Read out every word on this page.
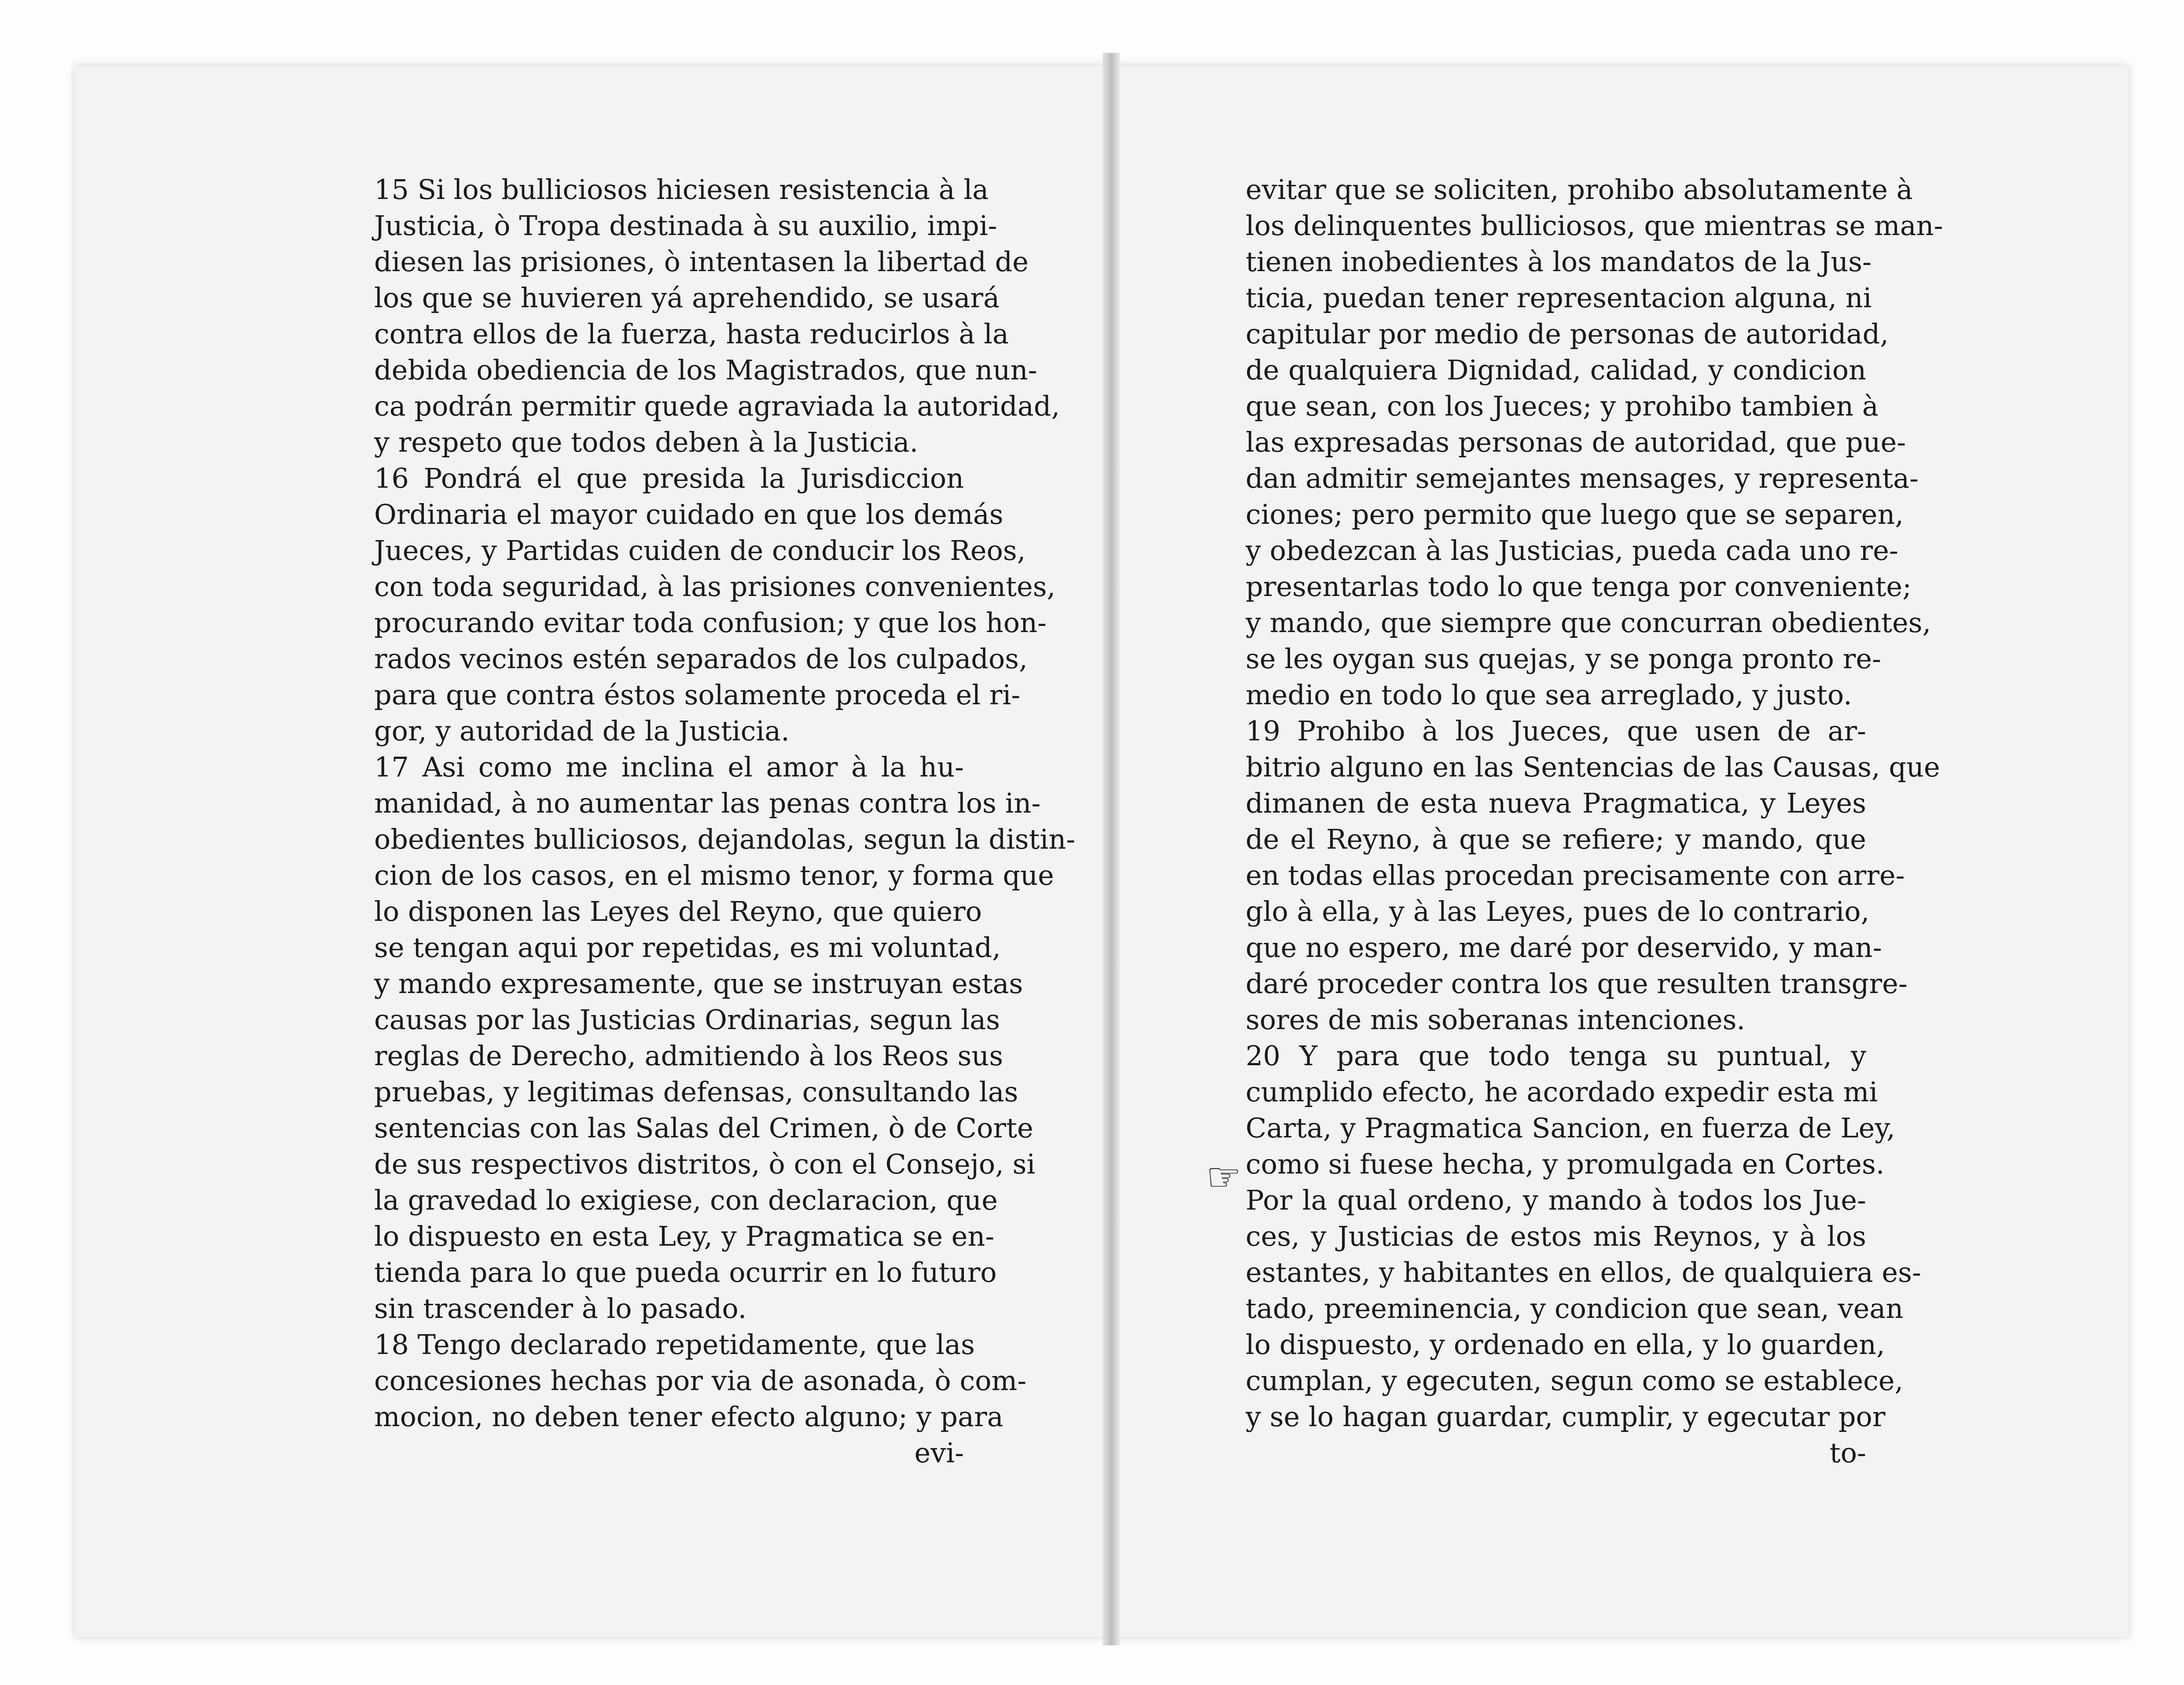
15 Si los bulliciosos hiciesen resistencia à la
Justicia, ò Tropa destinada à su auxilio, impi-
diesen las prisiones, ò intentasen la libertad de
los que se huvieren yá aprehendido, se usará
contra ellos de la fuerza, hasta reducirlos à la
debida obediencia de los Magistrados, que nun-
ca podrán permitir quede agraviada la autoridad,
y respeto que todos deben à la Justicia.
16 Pondrá el que presida la Jurisdiccion
Ordinaria el mayor cuidado en que los demás
Jueces, y Partidas cuiden de conducir los Reos,
con toda seguridad, à las prisiones convenientes,
procurando evitar toda confusion; y que los hon-
rados vecinos estén separados de los culpados,
para que contra éstos solamente proceda el ri-
gor, y autoridad de la Justicia.
17 Asi como me inclina el amor à la hu-
manidad, à no aumentar las penas contra los in-
obedientes bulliciosos, dejandolas, segun la distin-
cion de los casos, en el mismo tenor, y forma que
lo disponen las Leyes del Reyno, que quiero
se tengan aqui por repetidas, es mi voluntad,
y mando expresamente, que se instruyan estas
causas por las Justicias Ordinarias, segun las
reglas de Derecho, admitiendo à los Reos sus
pruebas, y legitimas defensas, consultando las
sentencias con las Salas del Crimen, ò de Corte
de sus respectivos distritos, ò con el Consejo, si
la gravedad lo exigiese, con declaracion, que
lo dispuesto en esta Ley, y Pragmatica se en-
tienda para lo que pueda ocurrir en lo futuro
sin trascender à lo pasado.
18 Tengo declarado repetidamente, que las
concesiones hechas por via de asonada, ò com-
mocion, no deben tener efecto alguno; y para
evi-
evitar que se soliciten, prohibo absolutamente à
los delinquentes bulliciosos, que mientras se man-
tienen inobedientes à los mandatos de la Jus-
ticia, puedan tener representacion alguna, ni
capitular por medio de personas de autoridad,
de qualquiera Dignidad, calidad, y condicion
que sean, con los Jueces; y prohibo tambien à
las expresadas personas de autoridad, que pue-
dan admitir semejantes mensages, y representa-
ciones; pero permito que luego que se separen,
y obedezcan à las Justicias, pueda cada uno re-
presentarlas todo lo que tenga por conveniente;
y mando, que siempre que concurran obedientes,
se les oygan sus quejas, y se ponga pronto re-
medio en todo lo que sea arreglado, y justo.
19 Prohibo à los Jueces, que usen de ar-
bitrio alguno en las Sentencias de las Causas, que
dimanen de esta nueva Pragmatica, y Leyes
de el Reyno, à que se refiere; y mando, que
en todas ellas procedan precisamente con arre-
glo à ella, y à las Leyes, pues de lo contrario,
que no espero, me daré por deservido, y man-
daré proceder contra los que resulten transgre-
sores de mis soberanas intenciones.
20 Y para que todo tenga su puntual, y
cumplido efecto, he acordado expedir esta mi
Carta, y Pragmatica Sancion, en fuerza de Ley,
como si fuese hecha, y promulgada en Cortes.
Por la qual ordeno, y mando à todos los Jue-
ces, y Justicias de estos mis Reynos, y à los
estantes, y habitantes en ellos, de qualquiera es-
tado, preeminencia, y condicion que sean, vean
lo dispuesto, y ordenado en ella, y lo guarden,
cumplan, y egecuten, segun como se establece,
y se lo hagan guardar, cumplir, y egecutar por
to-
☞
